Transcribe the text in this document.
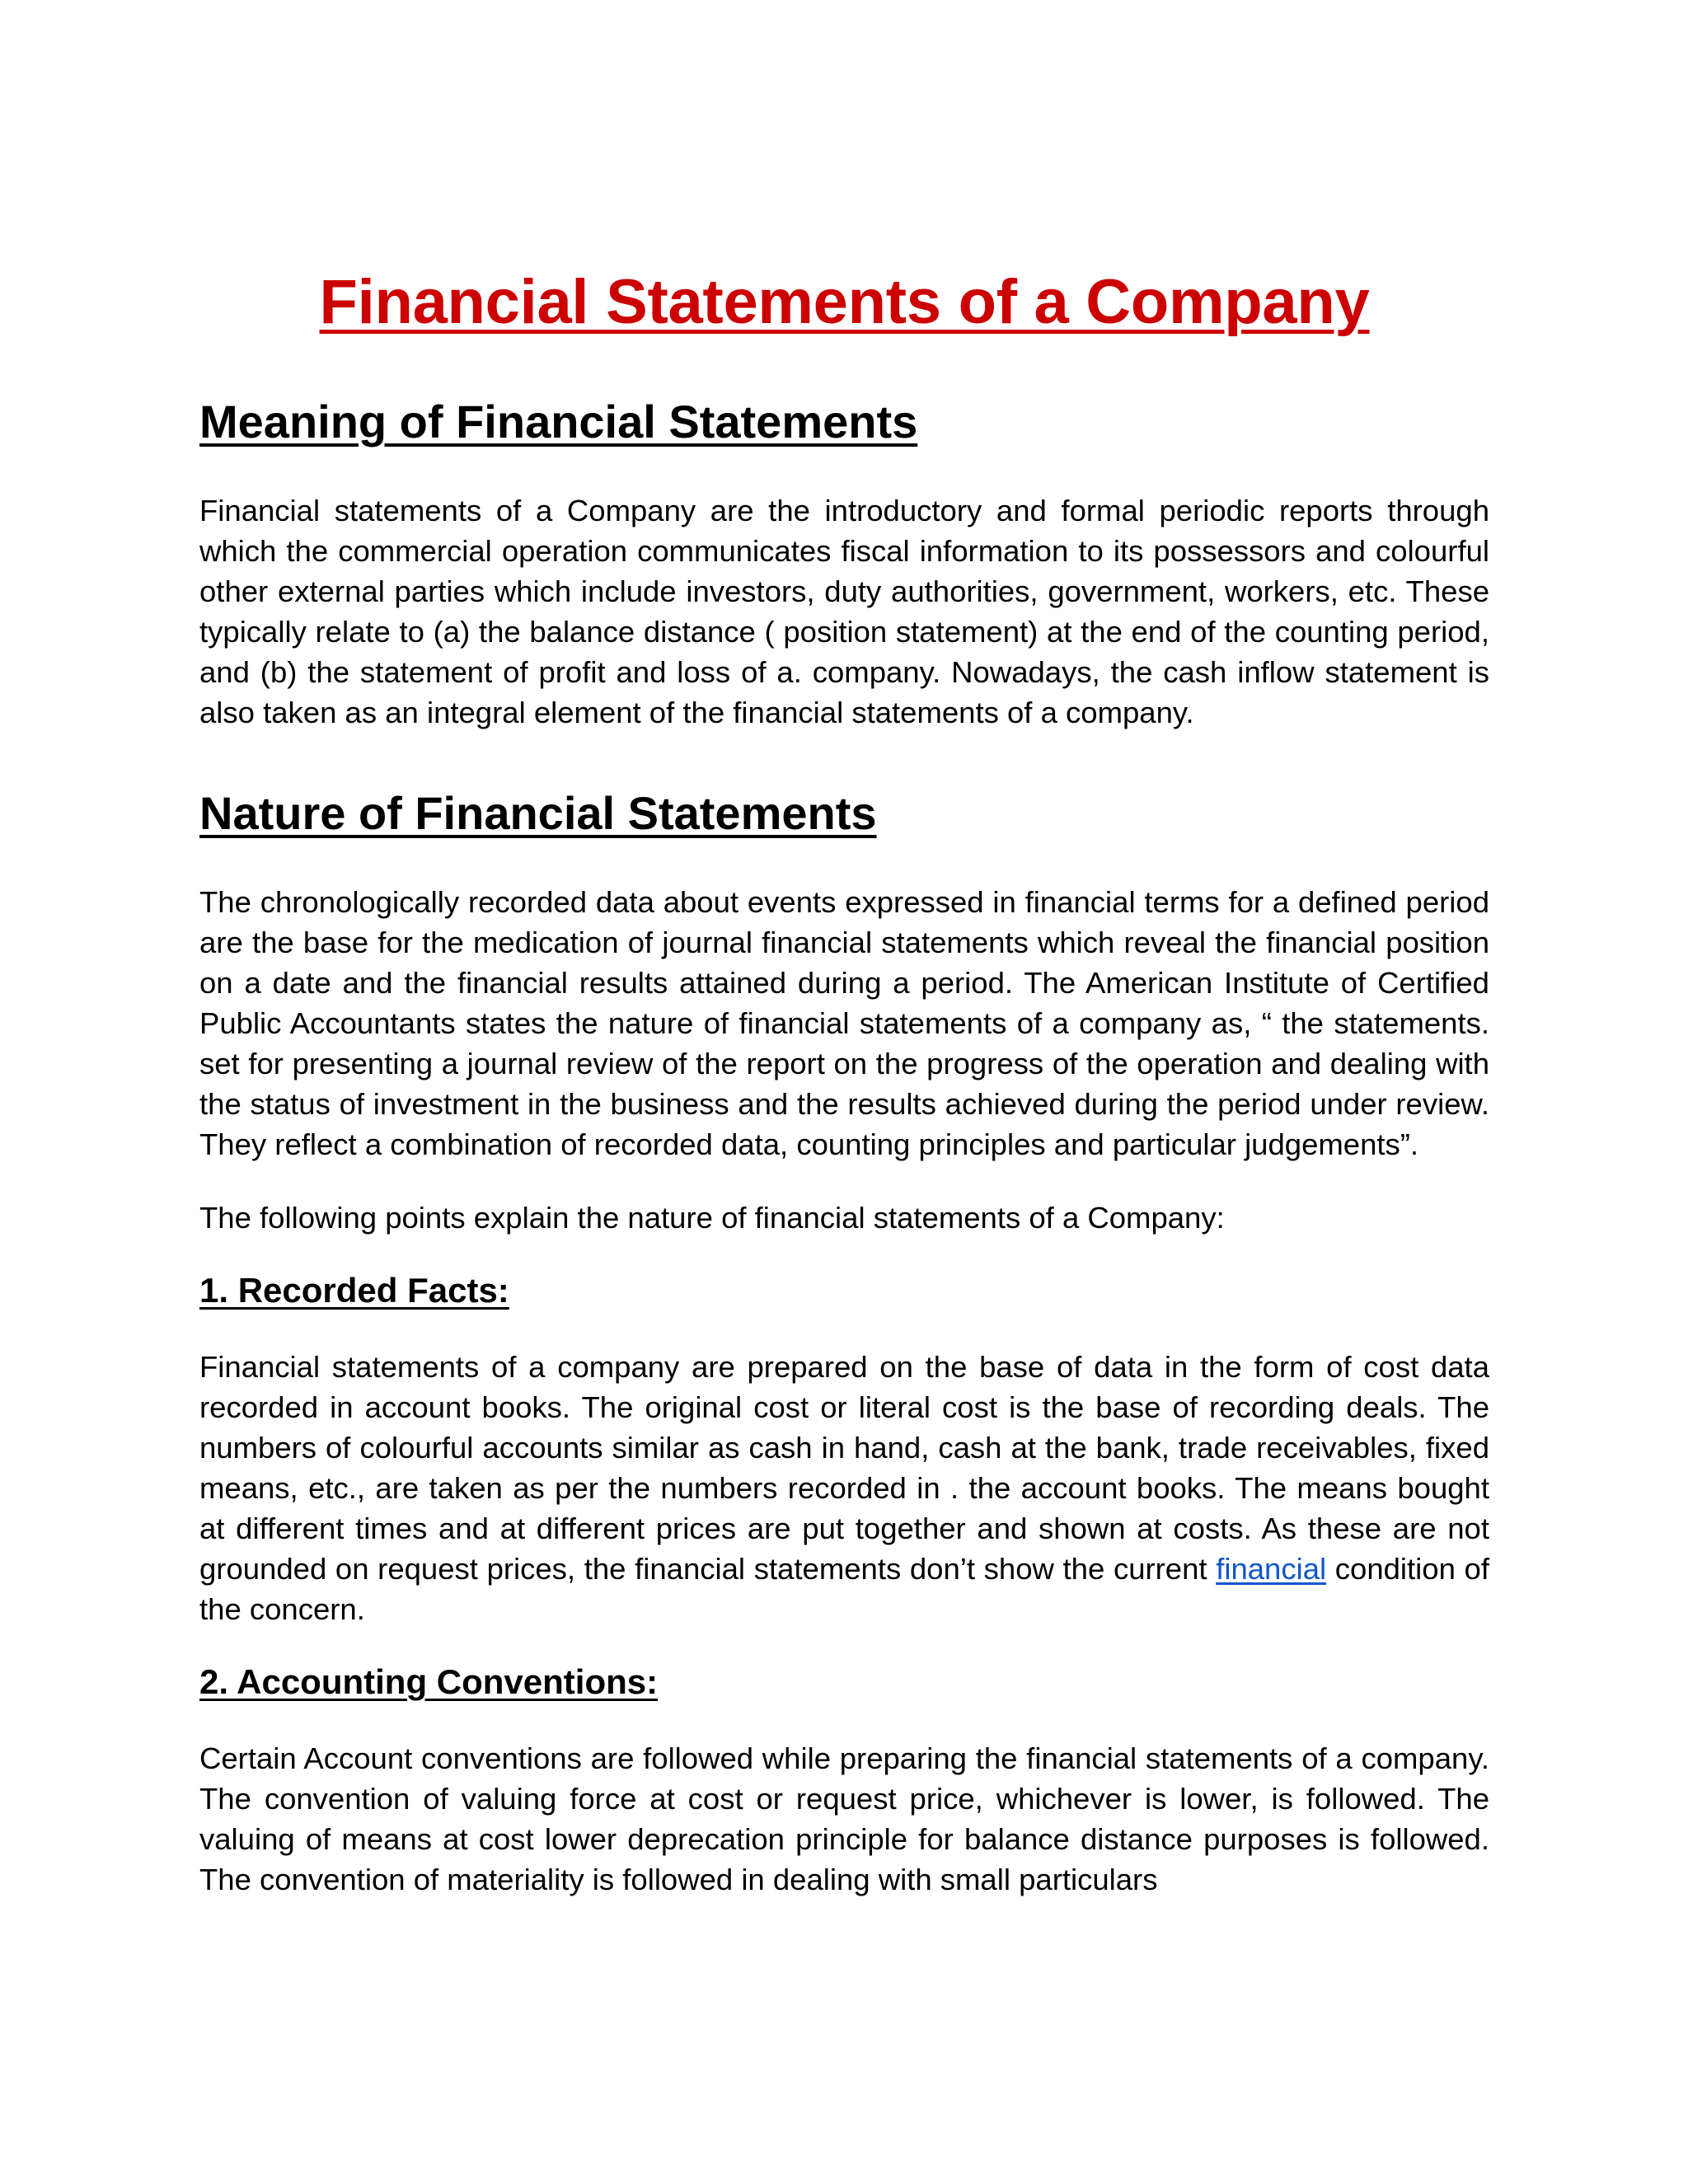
Financial Statements of a Company
Meaning of Financial Statements

Financial statements of a Company are the introductory and formal periodic reports through which the commercial operation communicates fiscal information to its possessors and colourful other external parties which include investors, duty authorities, government, workers, etc. These typically relate to (a) the balance distance ( position statement) at the end of the counting period, and (b) the statement of profit and loss of a. company. Nowadays, the cash inflow statement is also taken as an integral element of the financial statements of a company.

Nature of Financial Statements

The chronologically recorded data about events expressed in financial terms for a defined period are the base for the medication of journal financial statements which reveal the financial position on a date and the financial results attained during a period. The American Institute of Certified Public Accountants states the nature of financial statements of a company as, “ the statements. set for presenting a journal review of the report on the progress of the operation and dealing with the status of investment in the business and the results achieved during the period under review. They reflect a combination of recorded data, counting principles and particular judgements”.

The following points explain the nature of financial statements of a Company:

1. Recorded Facts:

Financial statements of a company are prepared on the base of data in the form of cost data recorded in account books. The original cost or literal cost is the base of recording deals. The numbers of colourful accounts similar as cash in hand, cash at the bank, trade receivables, fixed means, etc., are taken as per the numbers recorded in . the account books. The means bought at different times and at different prices are put together and shown at costs. As these are not grounded on request prices, the financial statements don’t show the current financial condition of the concern.

2. Accounting Conventions:

Certain Account conventions are followed while preparing the financial statements of a company. The convention of valuing force at cost or request price, whichever is lower, is followed. The valuing of means at cost lower deprecation principle for balance distance purposes is followed. The convention of materiality is followed in dealing with small particulars
